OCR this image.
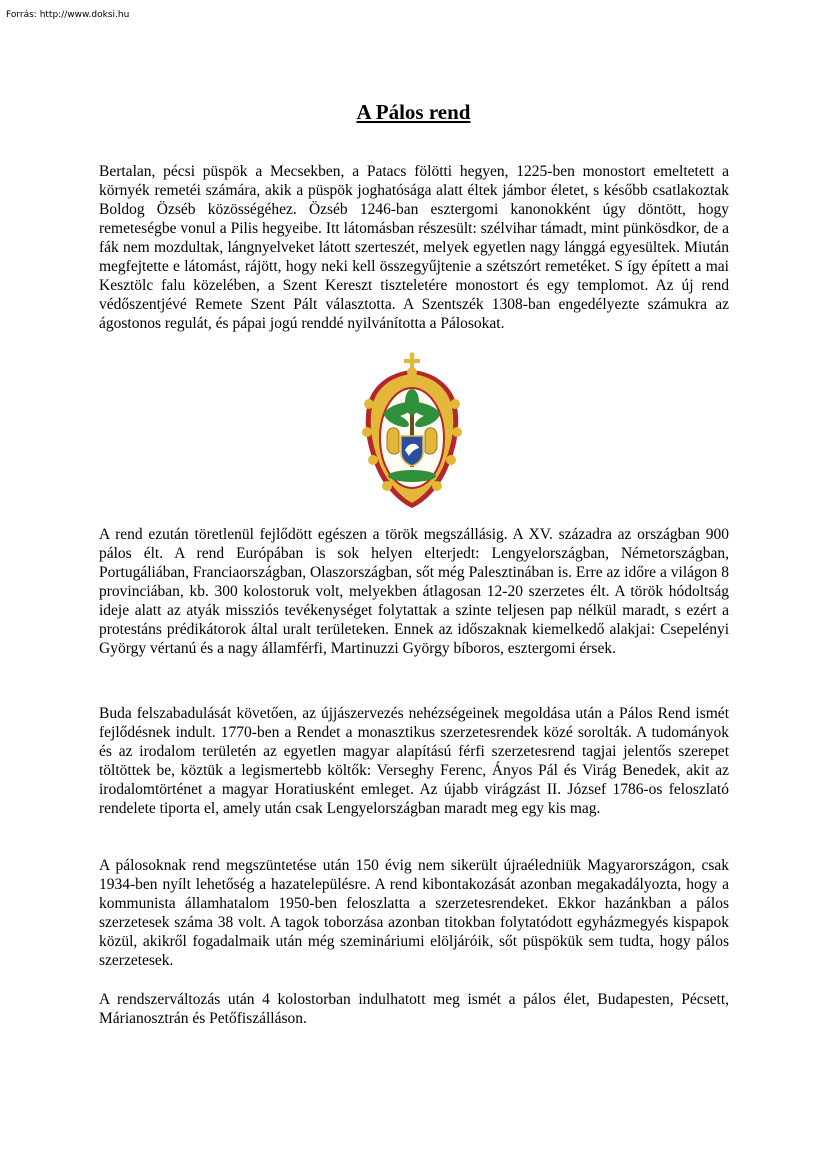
Forrás: http://www.doksi.hu
A Pálos rend

Bertalan, pécsi püspök a Mecsekben, a Patacs fölötti hegyen, 1225-ben monostort emeltetett a környék remetéi számára, akik a püspök joghatósága alatt éltek jámbor életet, s később csatlakoztak Boldog Özséb közösségéhez. Özséb 1246-ban esztergomi kanonokként úgy döntött, hogy remeteségbe vonul a Pilis hegyeibe. Itt látomásban részesült: szélvihar támadt, mint pünkösdkor, de a fák nem mozdultak, lángnyelveket látott szerteszét, melyek egyetlen nagy lánggá egyesültek. Miután megfejtette e látomást, rájött, hogy neki kell összegyűjtenie a szétszórt remetéket. S így épített a mai Kesztölc falu közelében, a Szent Kereszt tiszteletére monostort és egy templomot. Az új rend védőszentjévé Remete Szent Pált választotta. A Szentszék 1308-ban engedélyezte számukra az ágostonos regulát, és pápai jogú renddé nyilvánította a Pálosokat.

A rend ezután töretlenül fejlődött egészen a török megszállásig. A XV. századra az országban 900 pálos élt. A rend Európában is sok helyen elterjedt: Lengyelországban, Németországban, Portugáliában, Franciaországban, Olaszországban, sőt még Palesztinában is. Erre az időre a világon 8 provinciában, kb. 300 kolostoruk volt, melyekben átlagosan 12-20 szerzetes élt. A török hódoltság ideje alatt az atyák missziós tevékenységet folytattak a szinte teljesen pap nélkül maradt, s ezért a protestáns prédikátorok által uralt területeken. Ennek az időszaknak kiemelkedő alakjai: Csepelényi György vértanú és a nagy államférfi, Martinuzzi György bíboros, esztergomi érsek.

Buda felszabadulását követően, az újjászervezés nehézségeinek megoldása után a Pálos Rend ismét fejlődésnek indult. 1770-ben a Rendet a monasztikus szerzetesrendek közé sorolták. A tudományok és az irodalom területén az egyetlen magyar alapítású férfi szerzetesrend tagjai jelentős szerepet töltöttek be, köztük a legismertebb költők: Verseghy Ferenc, Ányos Pál és Virág Benedek, akit az irodalomtörténet a magyar Horatiusként emleget. Az újabb virágzást II. József 1786-os feloszlató rendelete tiporta el, amely után csak Lengyelországban maradt meg egy kis mag.

A pálosoknak rend megszüntetése után 150 évig nem sikerült újraéledniük Magyarországon, csak 1934-ben nyílt lehetőség a hazatelepülésre. A rend kibontakozását azonban megakadályozta, hogy a kommunista államhatalom 1950-ben feloszlatta a szerzetesrendeket. Ekkor hazánkban a pálos szerzetesek száma 38 volt. A tagok toborzása azonban titokban folytatódott egyházmegyés kispapok közül, akikről fogadalmaik után még szemináriumi elöljáróik, sőt püspökük sem tudta, hogy pálos szerzetesek.

A rendszerváltozás után 4 kolostorban indulhatott meg ismét a pálos élet, Budapesten, Pécsett, Márianosztrán és Petőfiszálláson.
